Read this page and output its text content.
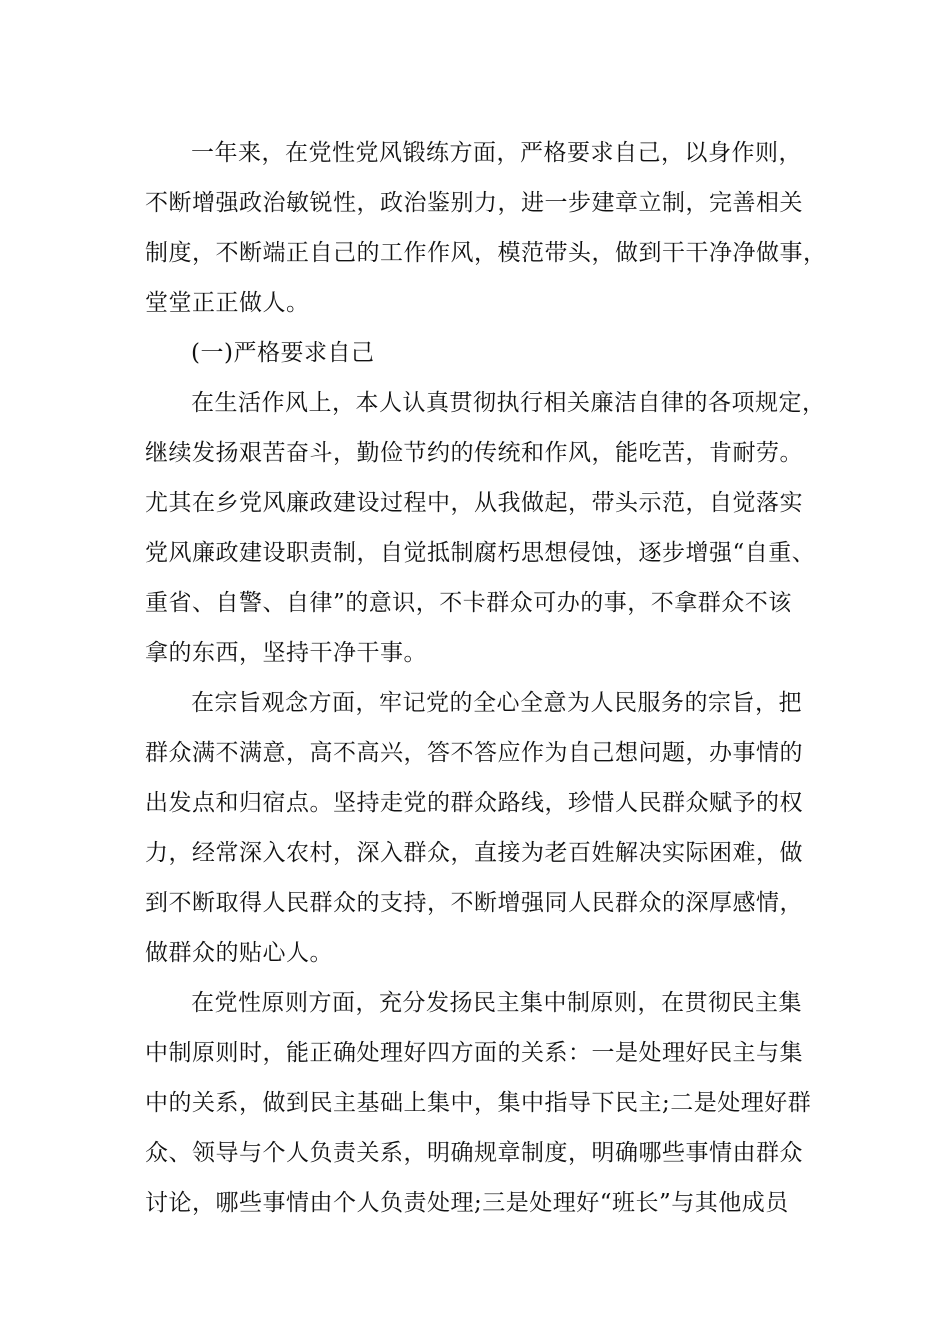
一年来，在党性党风锻练方面，严格要求自己，以身作则，
不断增强政治敏锐性，政治鉴别力，进一步建章立制，完善相关
制度，不断端正自己的工作作风，模范带头，做到干干净净做事，
堂堂正正做人。

(一)严格要求自己

在生活作风上，本人认真贯彻执行相关廉洁自律的各项规定，
继续发扬艰苦奋斗，勤俭节约的传统和作风，能吃苦，肯耐劳。
尤其在乡党风廉政建设过程中，从我做起，带头示范，自觉落实
党风廉政建设职责制，自觉抵制腐朽思想侵蚀，逐步增强“自重、
重省、自警、自律”的意识，不卡群众可办的事，不拿群众不该
拿的东西，坚持干净干事。

在宗旨观念方面，牢记党的全心全意为人民服务的宗旨，把
群众满不满意，高不高兴，答不答应作为自己想问题，办事情的
出发点和归宿点。坚持走党的群众路线，珍惜人民群众赋予的权
力，经常深入农村，深入群众，直接为老百姓解决实际困难，做
到不断取得人民群众的支持，不断增强同人民群众的深厚感情，
做群众的贴心人。

在党性原则方面，充分发扬民主集中制原则，在贯彻民主集
中制原则时，能正确处理好四方面的关系：一是处理好民主与集
中的关系，做到民主基础上集中，集中指导下民主;二是处理好群
众、领导与个人负责关系，明确规章制度，明确哪些事情由群众
讨论，哪些事情由个人负责处理;三是处理好“班长”与其他成员
